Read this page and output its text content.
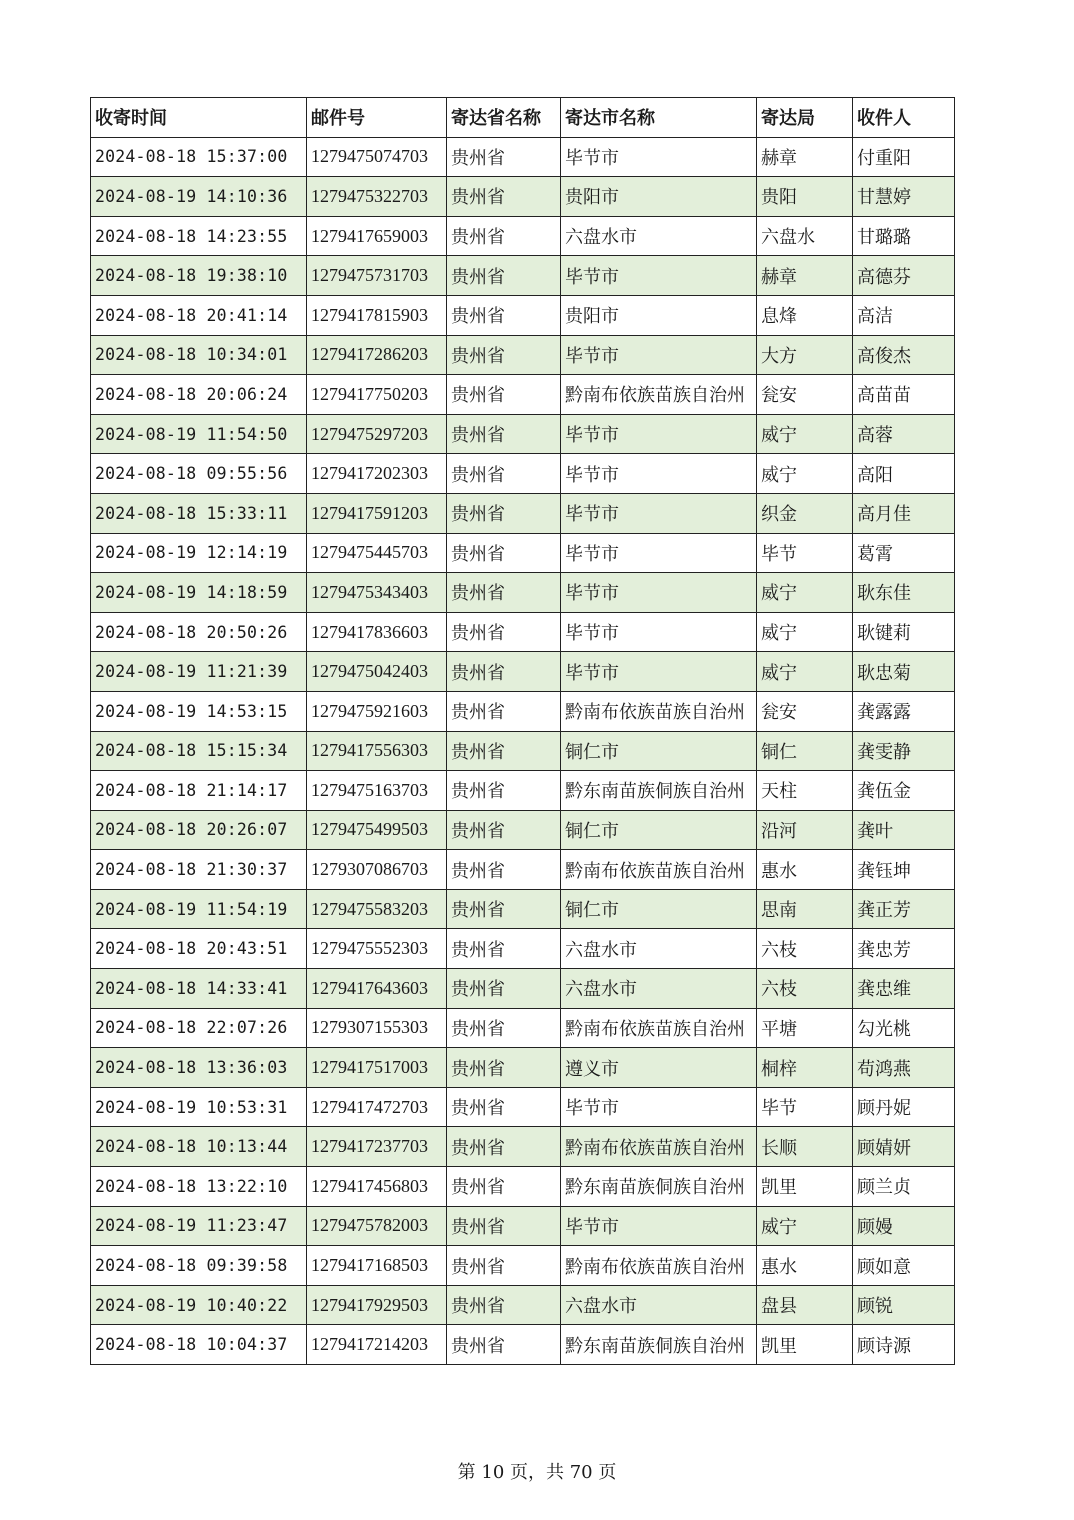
收寄时间	邮件号	寄达省名称	寄达市名称	寄达局	收件人
2024-08-18 15:37:00	1279475074703	贵州省	毕节市	赫章	付重阳
2024-08-19 14:10:36	1279475322703	贵州省	贵阳市	贵阳	甘慧婷
2024-08-18 14:23:55	1279417659003	贵州省	六盘水市	六盘水	甘璐璐
2024-08-18 19:38:10	1279475731703	贵州省	毕节市	赫章	高德芬
2024-08-18 20:41:14	1279417815903	贵州省	贵阳市	息烽	高洁
2024-08-18 10:34:01	1279417286203	贵州省	毕节市	大方	高俊杰
2024-08-18 20:06:24	1279417750203	贵州省	黔南布依族苗族自治州	瓮安	高苗苗
2024-08-19 11:54:50	1279475297203	贵州省	毕节市	威宁	高蓉
2024-08-18 09:55:56	1279417202303	贵州省	毕节市	威宁	高阳
2024-08-18 15:33:11	1279417591203	贵州省	毕节市	织金	高月佳
2024-08-19 12:14:19	1279475445703	贵州省	毕节市	毕节	葛霄
2024-08-19 14:18:59	1279475343403	贵州省	毕节市	威宁	耿东佳
2024-08-18 20:50:26	1279417836603	贵州省	毕节市	威宁	耿键莉
2024-08-19 11:21:39	1279475042403	贵州省	毕节市	威宁	耿忠菊
2024-08-19 14:53:15	1279475921603	贵州省	黔南布依族苗族自治州	瓮安	龚露露
2024-08-18 15:15:34	1279417556303	贵州省	铜仁市	铜仁	龚雯静
2024-08-18 21:14:17	1279475163703	贵州省	黔东南苗族侗族自治州	天柱	龚伍金
2024-08-18 20:26:07	1279475499503	贵州省	铜仁市	沿河	龚叶
2024-08-18 21:30:37	1279307086703	贵州省	黔南布依族苗族自治州	惠水	龚钰坤
2024-08-19 11:54:19	1279475583203	贵州省	铜仁市	思南	龚正芳
2024-08-18 20:43:51	1279475552303	贵州省	六盘水市	六枝	龚忠芳
2024-08-18 14:33:41	1279417643603	贵州省	六盘水市	六枝	龚忠维
2024-08-18 22:07:26	1279307155303	贵州省	黔南布依族苗族自治州	平塘	勾光桃
2024-08-18 13:36:03	1279417517003	贵州省	遵义市	桐梓	苟鸿燕
2024-08-19 10:53:31	1279417472703	贵州省	毕节市	毕节	顾丹妮
2024-08-18 10:13:44	1279417237703	贵州省	黔南布依族苗族自治州	长顺	顾婧妍
2024-08-18 13:22:10	1279417456803	贵州省	黔东南苗族侗族自治州	凯里	顾兰贞
2024-08-19 11:23:47	1279475782003	贵州省	毕节市	威宁	顾嫚
2024-08-18 09:39:58	1279417168503	贵州省	黔南布依族苗族自治州	惠水	顾如意
2024-08-19 10:40:22	1279417929503	贵州省	六盘水市	盘县	顾锐
2024-08-18 10:04:37	1279417214203	贵州省	黔东南苗族侗族自治州	凯里	顾诗源
第 10 页，共 70 页
